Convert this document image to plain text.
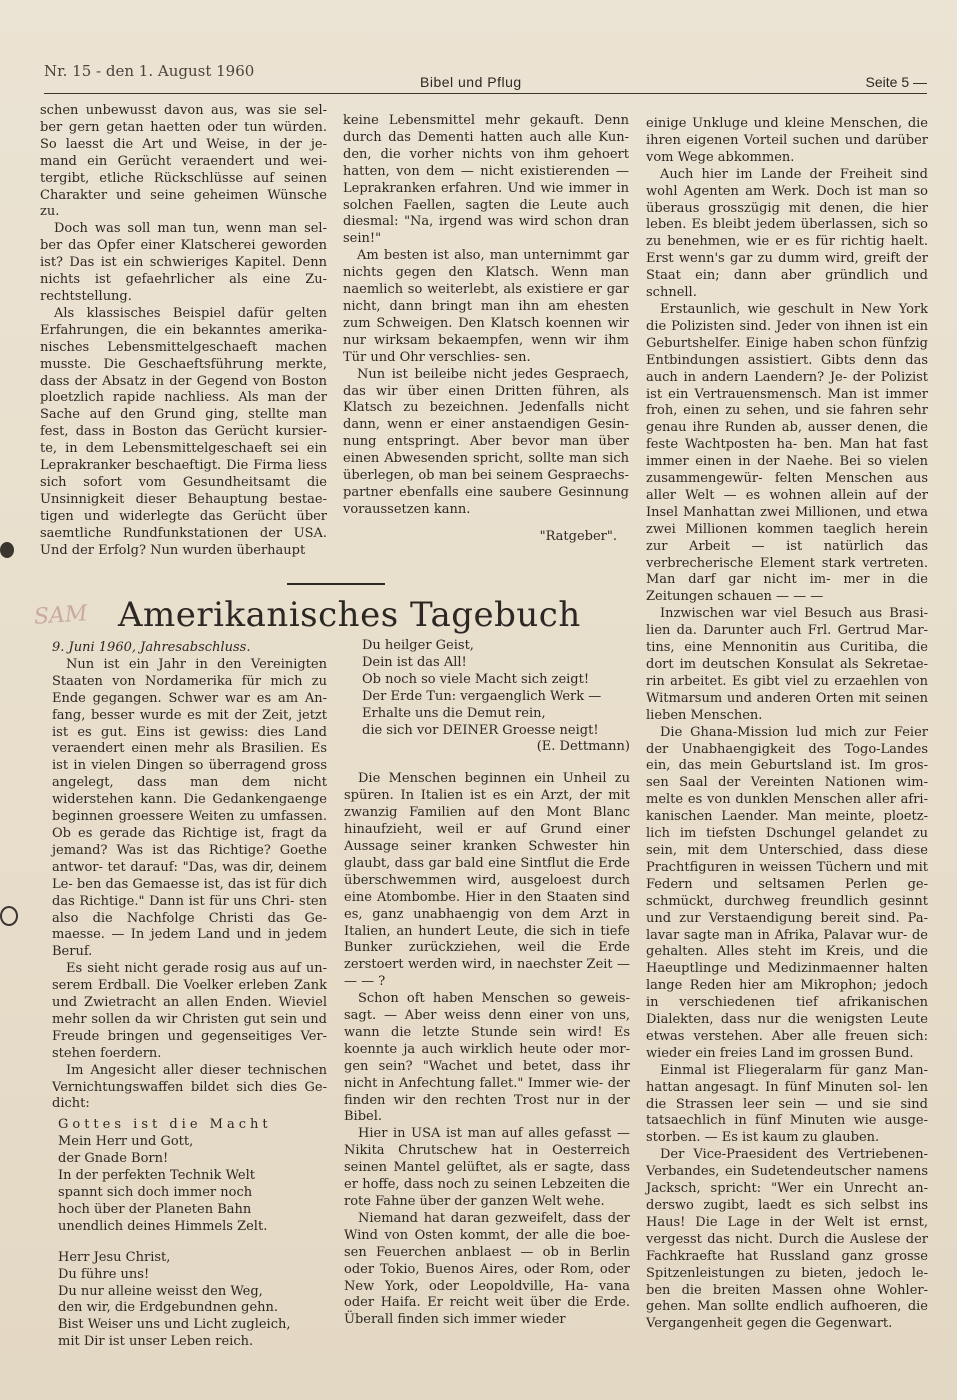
Nr. 15 - den 1. August 1960
Bibel und Pflug	Seite 5 —

schen unbewusst davon aus, was sie sel- ber gern getan haetten oder tun würden. So laesst die Art und Weise, in der je- mand ein Gerücht veraendert und wei- tergibt, etliche Rückschlüsse auf seinen Charakter und seine geheimen Wünsche zu.

Doch was soll man tun, wenn man sel- ber das Opfer einer Klatscherei geworden ist? Das ist ein schwieriges Kapitel. Denn nichts ist gefaehrlicher als eine Zu- rechtstellung.

Als klassisches Beispiel dafür gelten Erfahrungen, die ein bekanntes amerika- nisches Lebensmittelgeschaeft machen musste. Die Geschaeftsführung merkte, dass der Absatz in der Gegend von Boston ploetzlich rapide nachliess. Als man der Sache auf den Grund ging, stellte man fest, dass in Boston das Gerücht kursier- te, in dem Lebensmittelgeschaeft sei ein Leprakranker beschaeftigt. Die Firma liess sich sofort vom Gesundheitsamt die Unsinnigkeit dieser Behauptung bestae- tigen und widerlegte das Gerücht über saemtliche Rundfunkstationen der USA. Und der Erfolg? Nun wurden überhaupt

keine Lebensmittel mehr gekauft. Denn durch das Dementi hatten auch alle Kun- den, die vorher nichts von ihm gehoert hatten, von dem — nicht existierenden — Leprakranken erfahren. Und wie immer in solchen Faellen, sagten die Leute auch diesmal: "Na, irgend was wird schon dran sein!"

Am besten ist also, man unternimmt gar nichts gegen den Klatsch. Wenn man naemlich so weiterlebt, als existiere er gar nicht, dann bringt man ihn am ehesten zum Schweigen. Den Klatsch koennen wir nur wirksam bekaempfen, wenn wir ihm Tür und Ohr verschlies- sen.

Nun ist beileibe nicht jedes Gespraech, das wir über einen Dritten führen, als Klatsch zu bezeichnen. Jedenfalls nicht dann, wenn er einer anstaendigen Gesin- nung entspringt. Aber bevor man über einen Abwesenden spricht, sollte man sich überlegen, ob man bei seinem Gespraechs- partner ebenfalls eine saubere Gesinnung voraussetzen kann.

"Ratgeber".

SAM Amerikanisches Tagebuch

9. Juni 1960, Jahresabschluss.

Nun ist ein Jahr in den Vereinigten Staaten von Nordamerika für mich zu Ende gegangen. Schwer war es am An- fang, besser wurde es mit der Zeit, jetzt ist es gut. Eins ist gewiss: dies Land veraendert einen mehr als Brasilien. Es ist in vielen Dingen so überragend gross angelegt, dass man dem nicht widerstehen kann. Die Gedankengaenge beginnen groessere Weiten zu umfassen. Ob es gerade das Richtige ist, fragt da jemand? Was ist das Richtige? Goethe antwor- tet darauf: "Das, was dir, deinem Le- ben das Gemaesse ist, das ist für dich das Richtige." Dann ist für uns Chri- sten also die Nachfolge Christi das Ge- maesse. — In jedem Land und in jedem Beruf.

Es sieht nicht gerade rosig aus auf un- serem Erdball. Die Voelker erleben Zank und Zwietracht an allen Enden. Wieviel mehr sollen da wir Christen gut sein und Freude bringen und gegenseitiges Ver- stehen foerdern.

Im Angesicht aller dieser technischen Vernichtungswaffen bildet sich dies Ge- dicht:

Gottes ist die Macht
Mein Herr und Gott,
der Gnade Born!
In der perfekten Technik Welt
spannt sich doch immer noch
hoch über der Planeten Bahn
unendlich deines Himmels Zelt.
Herr Jesu Christ,
Du führe uns!
Du nur alleine weisst den Weg,
den wir, die Erdgebundnen gehn.
Bist Weiser uns und Licht zugleich,
mit Dir ist unser Leben reich.
Du heilger Geist,
Dein ist das All!
Ob noch so viele Macht sich zeigt!
Der Erde Tun: vergaenglich Werk —
Erhalte uns die Demut rein,
die sich vor DEINER Groesse neigt!
(E. Dettmann)

Die Menschen beginnen ein Unheil zu spüren. In Italien ist es ein Arzt, der mit zwanzig Familien auf den Mont Blanc hinaufzieht, weil er auf Grund einer Aussage seiner kranken Schwester hin glaubt, dass gar bald eine Sintflut die Erde überschwemmen wird, ausgeloest durch eine Atombombe. Hier in den Staaten sind es, ganz unabhaengig von dem Arzt in Italien, an hundert Leute, die sich in tiefe Bunker zurückziehen, weil die Erde zerstoert werden wird, in naechster Zeit — — — ?

Schon oft haben Menschen so geweis- sagt. — Aber weiss denn einer von uns, wann die letzte Stunde sein wird! Es koennte ja auch wirklich heute oder mor- gen sein? "Wachet und betet, dass ihr nicht in Anfechtung fallet." Immer wie- der finden wir den rechten Trost nur in der Bibel.

Hier in USA ist man auf alles gefasst — Nikita Chrutschew hat in Oesterreich seinen Mantel gelüftet, als er sagte, dass er hoffe, dass noch zu seinen Lebzeiten die rote Fahne über der ganzen Welt wehe.

Niemand hat daran gezweifelt, dass der Wind von Osten kommt, der alle die boe- sen Feuerchen anblaest — ob in Berlin oder Tokio, Buenos Aires, oder Rom, oder New York, oder Leopoldville, Ha- vana oder Haifa. Er reicht weit über die Erde. Überall finden sich immer wieder

einige Unkluge und kleine Menschen, die ihren eigenen Vorteil suchen und darüber vom Wege abkommen.

Auch hier im Lande der Freiheit sind wohl Agenten am Werk. Doch ist man so überaus grosszügig mit denen, die hier leben. Es bleibt jedem überlassen, sich so zu benehmen, wie er es für richtig haelt. Erst wenn's gar zu dumm wird, greift der Staat ein; dann aber gründlich und schnell.

Erstaunlich, wie geschult in New York die Polizisten sind. Jeder von ihnen ist ein Geburtshelfer. Einige haben schon fünfzig Entbindungen assistiert. Gibts denn das auch in andern Laendern? Je- der Polizist ist ein Vertrauensmensch. Man ist immer froh, einen zu sehen, und sie fahren sehr genau ihre Runden ab, ausser denen, die feste Wachtposten ha- ben. Man hat fast immer einen in der Naehe. Bei so vielen zusammengewür- felten Menschen aus aller Welt — es wohnen allein auf der Insel Manhattan zwei Millionen, und etwa zwei Millionen kommen taeglich herein zur Arbeit — ist natürlich das verbrecherische Element stark vertreten. Man darf gar nicht im- mer in die Zeitungen schauen — — —

Inzwischen war viel Besuch aus Brasi- lien da. Darunter auch Frl. Gertrud Mar- tins, eine Mennonitin aus Curitiba, die dort im deutschen Konsulat als Sekretae- rin arbeitet. Es gibt viel zu erzaehlen von Witmarsum und anderen Orten mit seinen lieben Menschen.

Die Ghana-Mission lud mich zur Feier der Unabhaengigkeit des Togo-Landes ein, das mein Geburtsland ist. Im gros- sen Saal der Vereinten Nationen wim- melte es von dunklen Menschen aller afri- kanischen Laender. Man meinte, ploetz- lich im tiefsten Dschungel gelandet zu sein, mit dem Unterschied, dass diese Prachtfiguren in weissen Tüchern und mit Federn und seltsamen Perlen ge- schmückt, durchweg freundlich gesinnt und zur Verstaendigung bereit sind. Pa- lavar sagte man in Afrika, Palavar wur- de gehalten. Alles steht im Kreis, und die Haeuptlinge und Medizinmaenner halten lange Reden hier am Mikrophon; jedoch in verschiedenen tief afrikanischen Dialekten, dass nur die wenigsten Leute etwas verstehen. Aber alle freuen sich: wieder ein freies Land im grossen Bund.

Einmal ist Fliegeralarm für ganz Man- hattan angesagt. In fünf Minuten sol- len die Strassen leer sein — und sie sind tatsaechlich in fünf Minuten wie ausge- storben. — Es ist kaum zu glauben.

Der Vice-Praesident des Vertriebenen- Verbandes, ein Sudetendeutscher namens Jacksch, spricht: "Wer ein Unrecht an- derswo zugibt, laedt es sich selbst ins Haus! Die Lage in der Welt ist ernst, vergesst das nicht. Durch die Auslese der Fachkraefte hat Russland ganz grosse Spitzenleistungen zu bieten, jedoch le- ben die breiten Massen ohne Wohler- gehen. Man sollte endlich aufhoeren, die Vergangenheit gegen die Gegenwart.
